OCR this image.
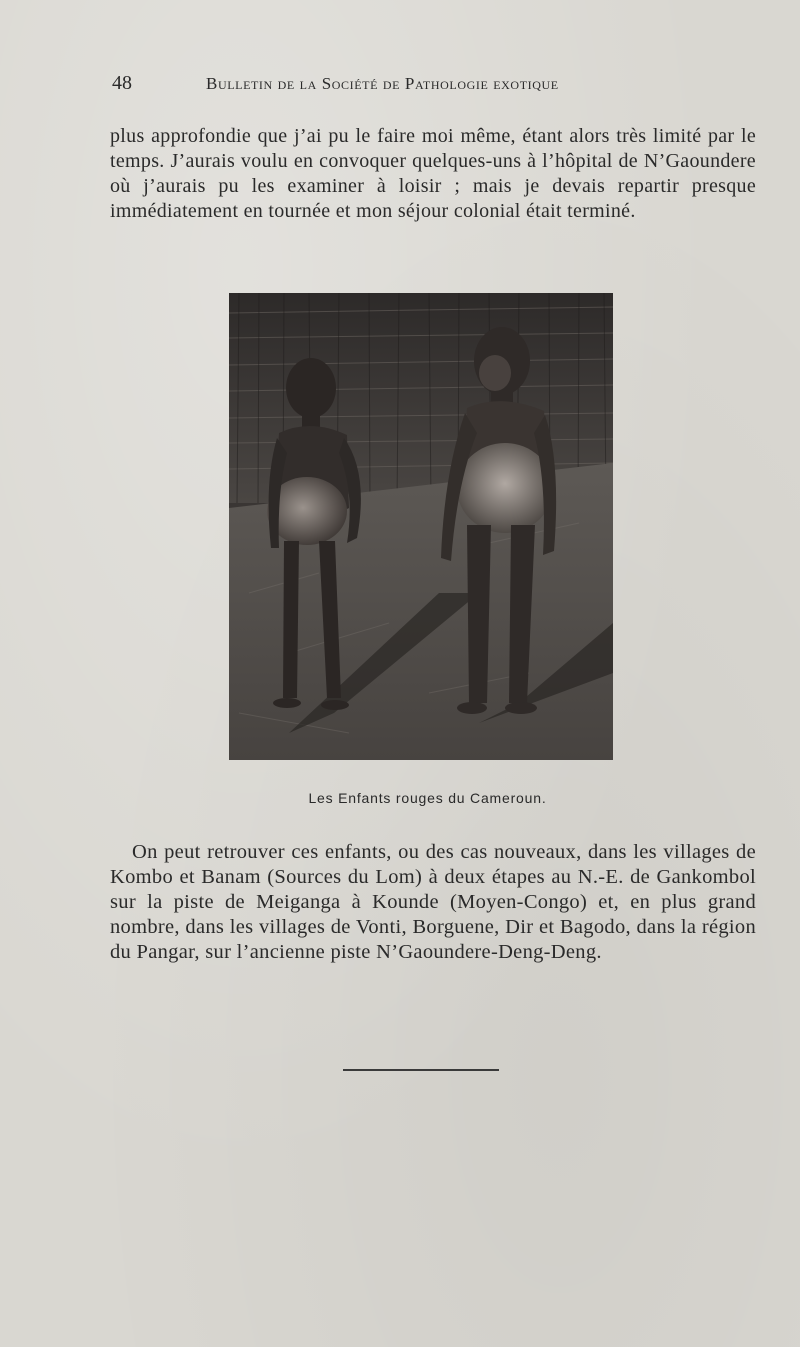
48	Bulletin de la Société de Pathologie exotique
plus approfondie que j’ai pu le faire moi même, étant alors très limité par le temps. J’aurais voulu en convoquer quelques-uns à l’hôpital de N’Gaoundere où j’aurais pu les examiner à loisir ; mais je devais repartir presque immédiatement en tournée et mon séjour colonial était terminé.
Les Enfants rouges du Cameroun.
On peut retrouver ces enfants, ou des cas nouveaux, dans les villages de Kombo et Banam (Sources du Lom) à deux étapes au N.-E. de Gankombol sur la piste de Meiganga à Kounde (Moyen-Congo) et, en plus grand nombre, dans les villages de Vonti, Borguene, Dir et Bagodo, dans la région du Pangar, sur l’ancienne piste N’Gaoundere-Deng-Deng.
